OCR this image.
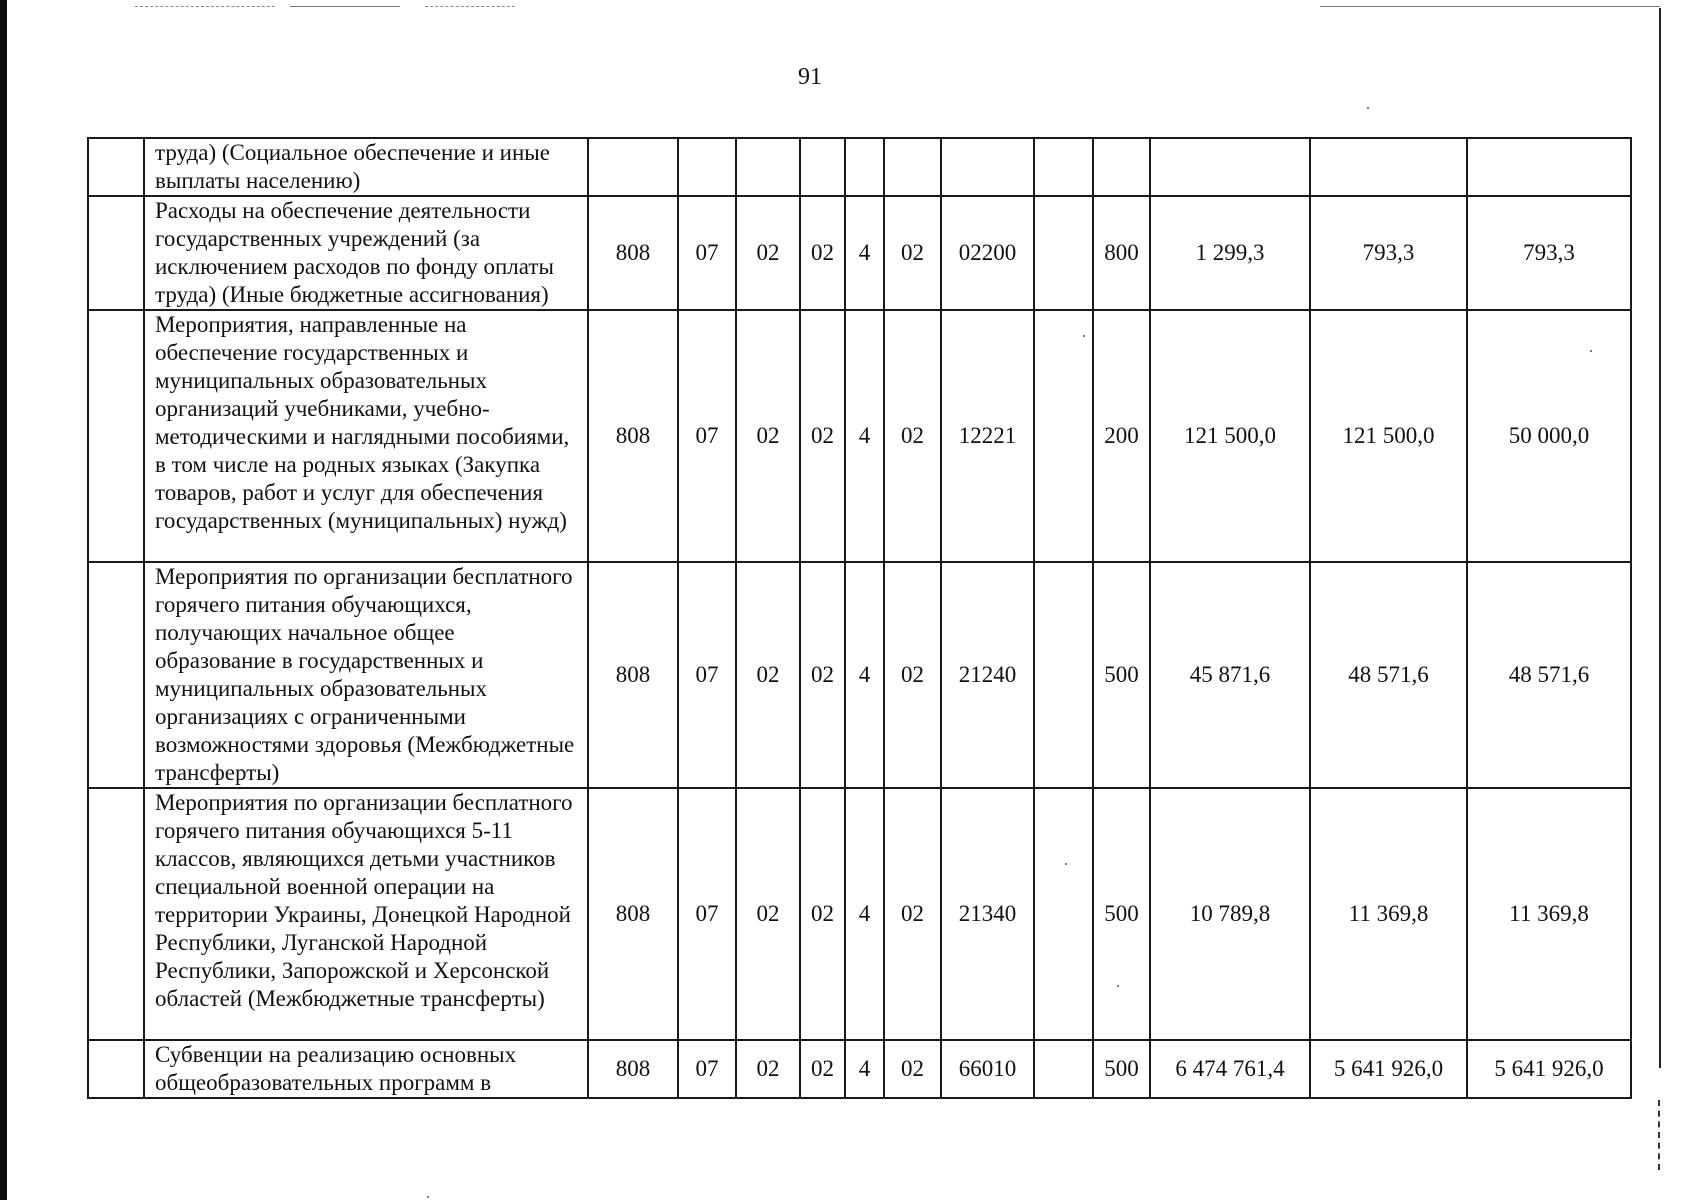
91
	труда) (Социальное обеспечение и иные выплаты населению)												
	Расходы на обеспечение деятельности государственных учреждений (за исключением расходов по фонду оплаты труда) (Иные бюджетные ассигнования)	808	07	02	02	4	02	02200		800	1 299,3	793,3	793,3
	Мероприятия, направленные на обеспечение государственных и муниципальных образовательных организаций учебниками, учебно-методическими и наглядными пособиями, в том числе на родных языках (Закупка товаров, работ и услуг для обеспечения государственных (муниципальных) нужд)	808	07	02	02	4	02	12221		200	121 500,0	121 500,0	50 000,0
	Мероприятия по организации бесплатного горячего питания обучающихся, получающих начальное общее образование в государственных и муниципальных образовательных организациях с ограниченными возможностями здоровья (Межбюджетные трансферты)	808	07	02	02	4	02	21240		500	45 871,6	48 571,6	48 571,6
	Мероприятия по организации бесплатного горячего питания обучающихся 5-11 классов, являющихся детьми участников специальной военной операции на территории Украины, Донецкой Народной Республики, Луганской Народной Республики, Запорожской и Херсонской областей (Межбюджетные трансферты)	808	07	02	02	4	02	21340		500	10 789,8	11 369,8	11 369,8
	Субвенции на реализацию основных общеобразовательных программ в	808	07	02	02	4	02	66010		500	6 474 761,4	5 641 926,0	5 641 926,0
